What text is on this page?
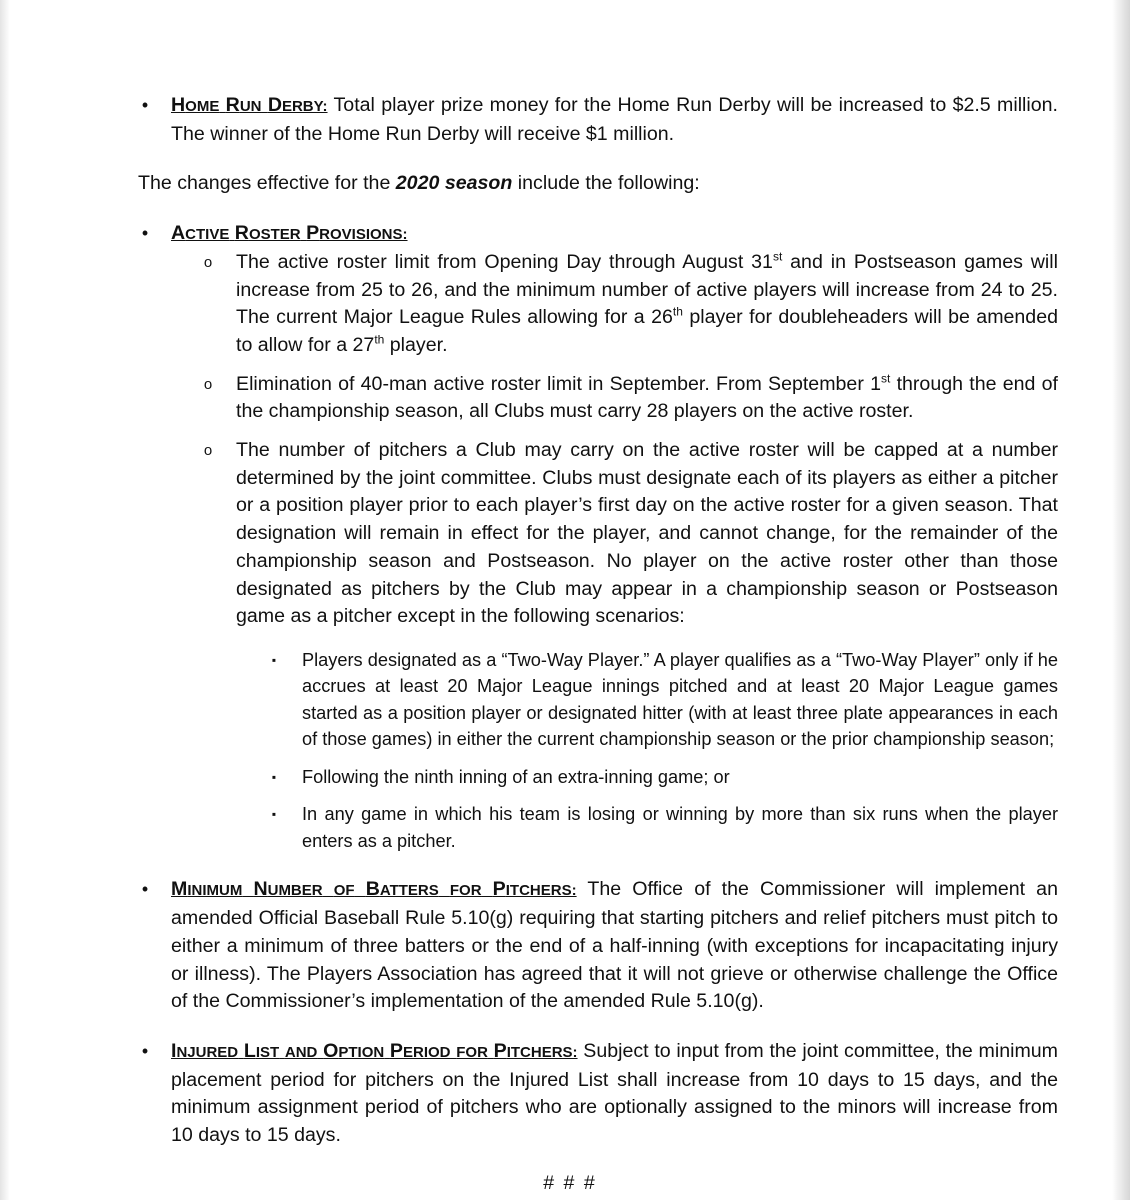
• HOME RUN DERBY: Total player prize money for the Home Run Derby will be increased to $2.5 million. The winner of the Home Run Derby will receive $1 million.
The changes effective for the 2020 season include the following:
• ACTIVE ROSTER PROVISIONS:
o The active roster limit from Opening Day through August 31st and in Postseason games will increase from 25 to 26, and the minimum number of active players will increase from 24 to 25. The current Major League Rules allowing for a 26th player for doubleheaders will be amended to allow for a 27th player.
o Elimination of 40-man active roster limit in September. From September 1st through the end of the championship season, all Clubs must carry 28 players on the active roster.
o The number of pitchers a Club may carry on the active roster will be capped at a number determined by the joint committee. Clubs must designate each of its players as either a pitcher or a position player prior to each player’s first day on the active roster for a given season. That designation will remain in effect for the player, and cannot change, for the remainder of the championship season and Postseason. No player on the active roster other than those designated as pitchers by the Club may appear in a championship season or Postseason game as a pitcher except in the following scenarios:
▪	Players designated as a “Two-Way Player.” A player qualifies as a “Two-Way Player” only if he accrues at least 20 Major League innings pitched and at least 20 Major League games started as a position player or designated hitter (with at least three plate appearances in each of those games) in either the current championship season or the prior championship season;
▪	Following the ninth inning of an extra-inning game; or
▪	In any game in which his team is losing or winning by more than six runs when the player enters as a pitcher.
• MINIMUM NUMBER OF BATTERS FOR PITCHERS: The Office of the Commissioner will implement an amended Official Baseball Rule 5.10(g) requiring that starting pitchers and relief pitchers must pitch to either a minimum of three batters or the end of a half-inning (with exceptions for incapacitating injury or illness). The Players Association has agreed that it will not grieve or otherwise challenge the Office of the Commissioner’s implementation of the amended Rule 5.10(g).
• INJURED LIST AND OPTION PERIOD FOR PITCHERS: Subject to input from the joint committee, the minimum placement period for pitchers on the Injured List shall increase from 10 days to 15 days, and the minimum assignment period of pitchers who are optionally assigned to the minors will increase from 10 days to 15 days.
# # #
